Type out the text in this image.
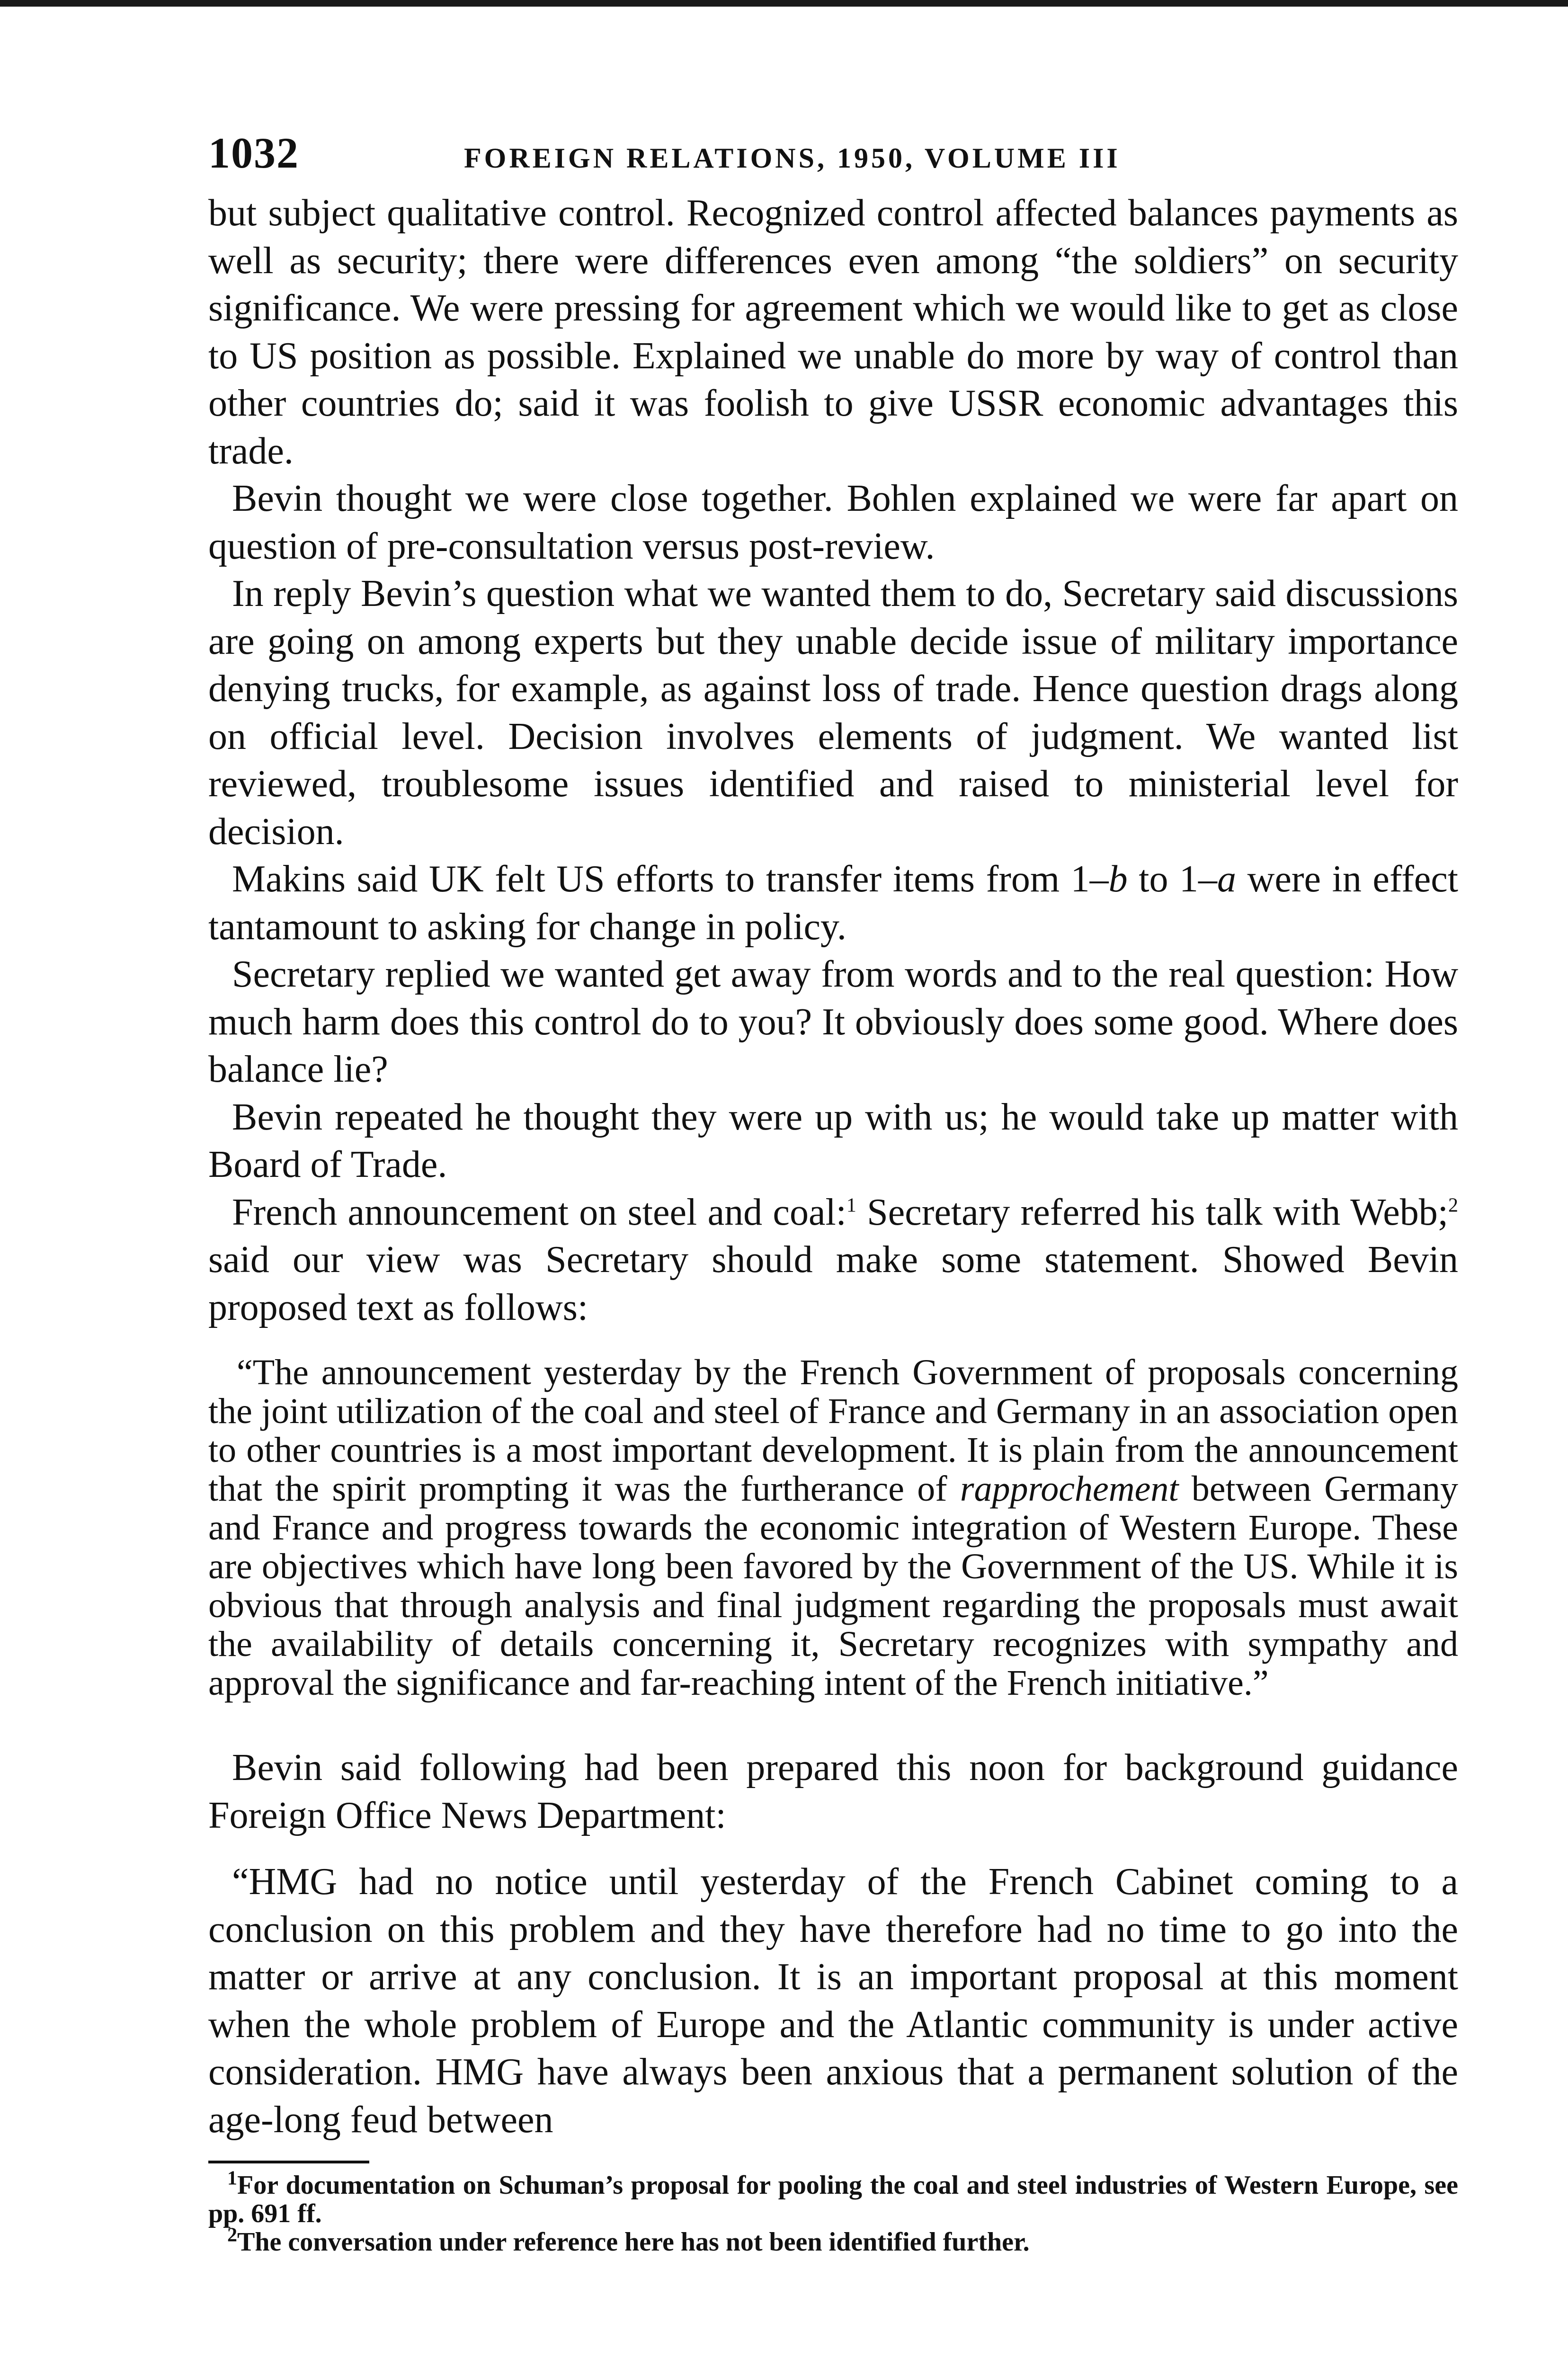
1032	FOREIGN RELATIONS, 1950, VOLUME III

but subject qualitative control. Recognized control affected balances payments as well as security; there were differences even among “the soldiers” on security significance. We were pressing for agreement which we would like to get as close to US position as possible. Explained we unable do more by way of control than other countries do; said it was foolish to give USSR economic advantages this trade.

Bevin thought we were close together. Bohlen explained we were far apart on question of pre-consultation versus post-review.

In reply Bevin’s question what we wanted them to do, Secretary said discussions are going on among experts but they unable decide issue of military importance denying trucks, for example, as against loss of trade. Hence question drags along on official level. Decision involves elements of judgment. We wanted list reviewed, troublesome issues identified and raised to ministerial level for decision.

Makins said UK felt US efforts to transfer items from 1–b to 1–a were in effect tantamount to asking for change in policy.

Secretary replied we wanted get away from words and to the real question: How much harm does this control do to you? It obviously does some good. Where does balance lie?

Bevin repeated he thought they were up with us; he would take up matter with Board of Trade.

French announcement on steel and coal:$^1$ Secretary referred his talk with Webb;$^2$ said our view was Secretary should make some statement. Showed Bevin proposed text as follows:

“The announcement yesterday by the French Government of proposals concerning the joint utilization of the coal and steel of France and Germany in an association open to other countries is a most important development. It is plain from the announcement that the spirit prompting it was the furtherance of rapprochement between Germany and France and progress towards the economic integration of Western Europe. These are objectives which have long been favored by the Government of the US. While it is obvious that through analysis and final judgment regarding the proposals must await the availability of details concerning it, Secretary recognizes with sympathy and approval the significance and far-reaching intent of the French initiative.”

Bevin said following had been prepared this noon for background guidance Foreign Office News Department:

“HMG had no notice until yesterday of the French Cabinet coming to a conclusion on this problem and they have therefore had no time to go into the matter or arrive at any conclusion. It is an important proposal at this moment when the whole problem of Europe and the Atlantic community is under active consideration. HMG have always been anxious that a permanent solution of the age-long feud between

$^1$For documentation on Schuman’s proposal for pooling the coal and steel industries of Western Europe, see pp. 691 ff.
$^2$The conversation under reference here has not been identified further.
